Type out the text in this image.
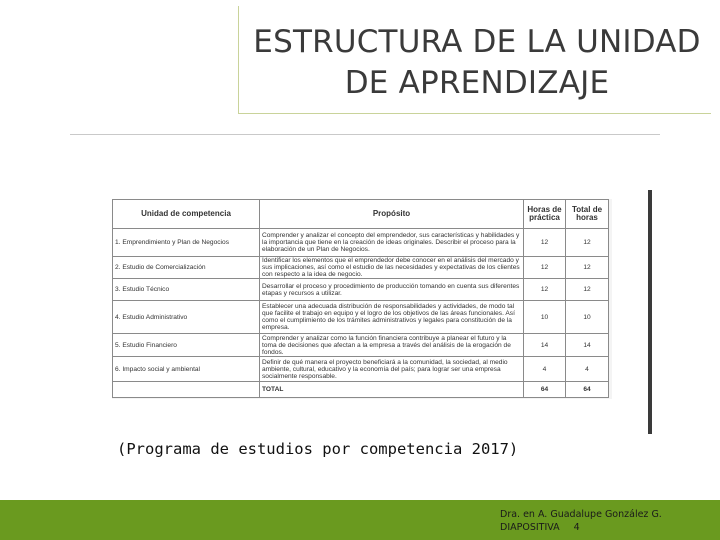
ESTRUCTURA DE LA UNIDAD
DE APRENDIZAJE
Unidad de competencia	Propósito	Horas de práctica	Total de horas
1. Emprendimiento y Plan de Negocios	Comprender y analizar el concepto del emprendedor, sus características y habilidades y la importancia que tiene en la creación de ideas originales. Describir el proceso para la elaboración de un Plan de Negocios.	12	12
2. Estudio de Comercialización	Identificar los elementos que el emprendedor debe conocer en el análisis del mercado y sus implicaciones, así como el estudio de las necesidades y expectativas de los clientes con respecto a la idea de negocio.	12	12
3. Estudio Técnico	Desarrollar el proceso y procedimiento de producción tomando en cuenta sus diferentes etapas y recursos a utilizar.	12	12
4. Estudio Administrativo	Establecer una adecuada distribución de responsabilidades y actividades, de modo tal que facilite el trabajo en equipo y el logro de los objetivos de las áreas funcionales. Así como el cumplimiento de los trámites administrativos y legales para constitución de la empresa.	10	10
5. Estudio Financiero	Comprender y analizar como la función financiera contribuye a planear el futuro y la toma de decisiones que afectan a la empresa a través del análisis de la erogación de fondos.	14	14
6. Impacto social y ambiental	Definir de qué manera el proyecto beneficiará a la comunidad, la sociedad, al medio ambiente, cultural, educativo y la economía del país; para lograr ser una empresa socialmente responsable.	4	4
	TOTAL	64	64
(Programa de estudios por competencia 2017)
Dra. en A. Guadalupe González G.
DIAPOSITIVA 4
